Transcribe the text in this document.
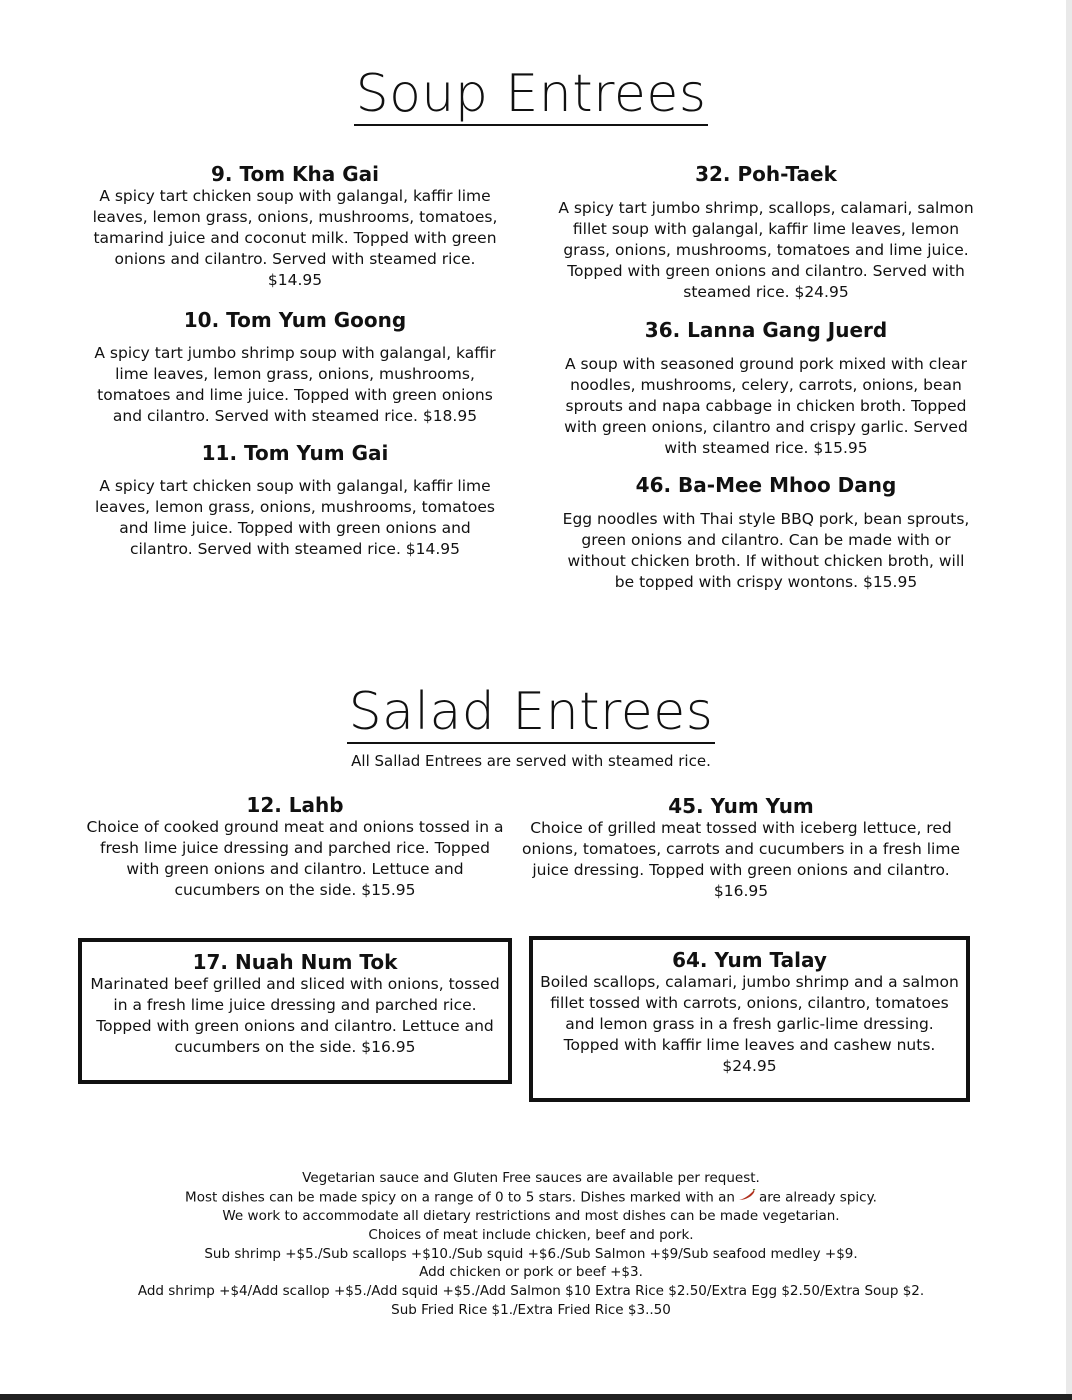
Soup Entrees
9. Tom Kha Gai

A spicy tart chicken soup with galangal, kaffir lime leaves, lemon grass, onions, mushrooms, tomatoes, tamarind juice and coconut milk. Topped with green onions and cilantro. Served with steamed rice. $14.95

10. Tom Yum Goong

A spicy tart jumbo shrimp soup with galangal, kaffir lime leaves, lemon grass, onions, mushrooms, tomatoes and lime juice. Topped with green onions and cilantro. Served with steamed rice. $18.95

11. Tom Yum Gai

A spicy tart chicken soup with galangal, kaffir lime leaves, lemon grass, onions, mushrooms, tomatoes and lime juice. Topped with green onions and cilantro. Served with steamed rice. $14.95

32. Poh-Taek

A spicy tart jumbo shrimp, scallops, calamari, salmon fillet soup with galangal, kaffir lime leaves, lemon grass, onions, mushrooms, tomatoes and lime juice. Topped with green onions and cilantro. Served with steamed rice. $24.95

36. Lanna Gang Juerd

A soup with seasoned ground pork mixed with clear noodles, mushrooms, celery, carrots, onions, bean sprouts and napa cabbage in chicken broth. Topped with green onions, cilantro and crispy garlic. Served with steamed rice. $15.95

46. Ba-Mee Mhoo Dang

Egg noodles with Thai style BBQ pork, bean sprouts, green onions and cilantro. Can be made with or without chicken broth. If without chicken broth, will be topped with crispy wontons. $15.95

Salad Entrees
All Sallad Entrees are served with steamed rice.
12. Lahb

Choice of cooked ground meat and onions tossed in a fresh lime juice dressing and parched rice. Topped with green onions and cilantro. Lettuce and cucumbers on the side. $15.95

45. Yum Yum

Choice of grilled meat tossed with iceberg lettuce, red onions, tomatoes, carrots and cucumbers in a fresh lime juice dressing. Topped with green onions and cilantro. $16.95

17. Nuah Num Tok

Marinated beef grilled and sliced with onions, tossed in a fresh lime juice dressing and parched rice. Topped with green onions and cilantro. Lettuce and cucumbers on the side. $16.95

64. Yum Talay

Boiled scallops, calamari, jumbo shrimp and a salmon fillet tossed with carrots, onions, cilantro, tomatoes and lemon grass in a fresh garlic-lime dressing. Topped with kaffir lime leaves and cashew nuts. $24.95

Vegetarian sauce and Gluten Free sauces are available per request.
Most dishes can be made spicy on a range of 0 to 5 stars. Dishes marked with an are already spicy.
We work to accommodate all dietary restrictions and most dishes can be made vegetarian.
Choices of meat include chicken, beef and pork.
Sub shrimp +$5./Sub scallops +$10./Sub squid +$6./Sub Salmon +$9/Sub seafood medley +$9.
Add chicken or pork or beef +$3.
Add shrimp +$4/Add scallop +$5./Add squid +$5./Add Salmon $10 Extra Rice $2.50/Extra Egg $2.50/Extra Soup $2.
Sub Fried Rice $1./Extra Fried Rice $3..50
